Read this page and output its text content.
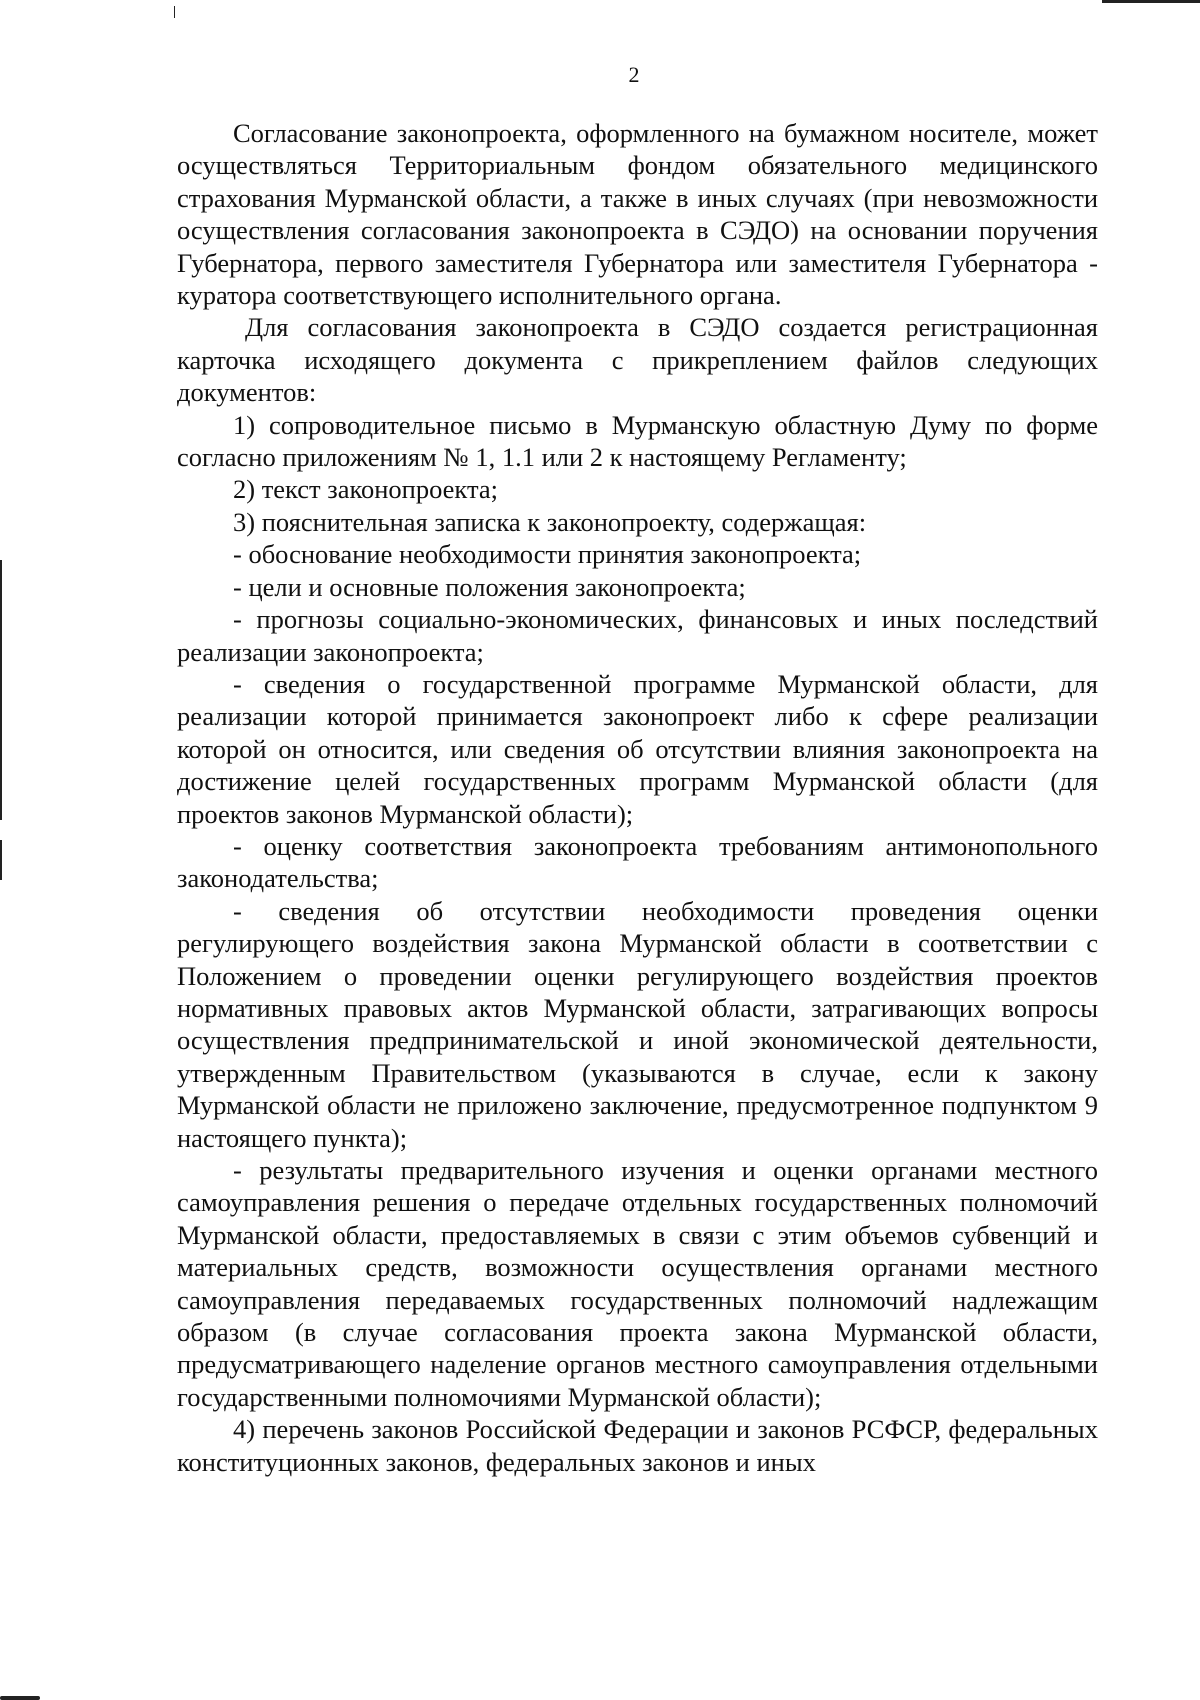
2

Согласование законопроекта, оформленного на бумажном носителе, может осуществляться Территориальным фондом обязательного медицинского страхования Мурманской области, а также в иных случаях (при невозможности осуществления согласования законопроекта в СЭДО) на основании поручения Губернатора, первого заместителя Губернатора или заместителя Губернатора - куратора соответствующего исполнительного органа.

Для согласования законопроекта в СЭДО создается регистрационная карточка исходящего документа с прикреплением файлов следующих документов:

1) сопроводительное письмо в Мурманскую областную Думу по форме согласно приложениям № 1, 1.1 или 2 к настоящему Регламенту;

2) текст законопроекта;

3) пояснительная записка к законопроекту, содержащая:

- обоснование необходимости принятия законопроекта;

- цели и основные положения законопроекта;

- прогнозы социально-экономических, финансовых и иных последствий реализации законопроекта;

- сведения о государственной программе Мурманской области, для реализации которой принимается законопроект либо к сфере реализации которой он относится, или сведения об отсутствии влияния законопроекта на достижение целей государственных программ Мурманской области (для проектов законов Мурманской области);

- оценку соответствия законопроекта требованиям антимонопольного законодательства;

- сведения об отсутствии необходимости проведения оценки регулирующего воздействия закона Мурманской области в соответствии с Положением о проведении оценки регулирующего воздействия проектов нормативных правовых актов Мурманской области, затрагивающих вопросы осуществления предпринимательской и иной экономической деятельности, утвержденным Правительством (указываются в случае, если к закону Мурманской области не приложено заключение, предусмотренное подпунктом 9 настоящего пункта);

- результаты предварительного изучения и оценки органами местного самоуправления решения о передаче отдельных государственных полномочий Мурманской области, предоставляемых в связи с этим объемов субвенций и материальных средств, возможности осуществления органами местного самоуправления передаваемых государственных полномочий надлежащим образом (в случае согласования проекта закона Мурманской области, предусматривающего наделение органов местного самоуправления отдельными государственными полномочиями Мурманской области);

4) перечень законов Российской Федерации и законов РСФСР, федеральных конституционных законов, федеральных законов и иных
